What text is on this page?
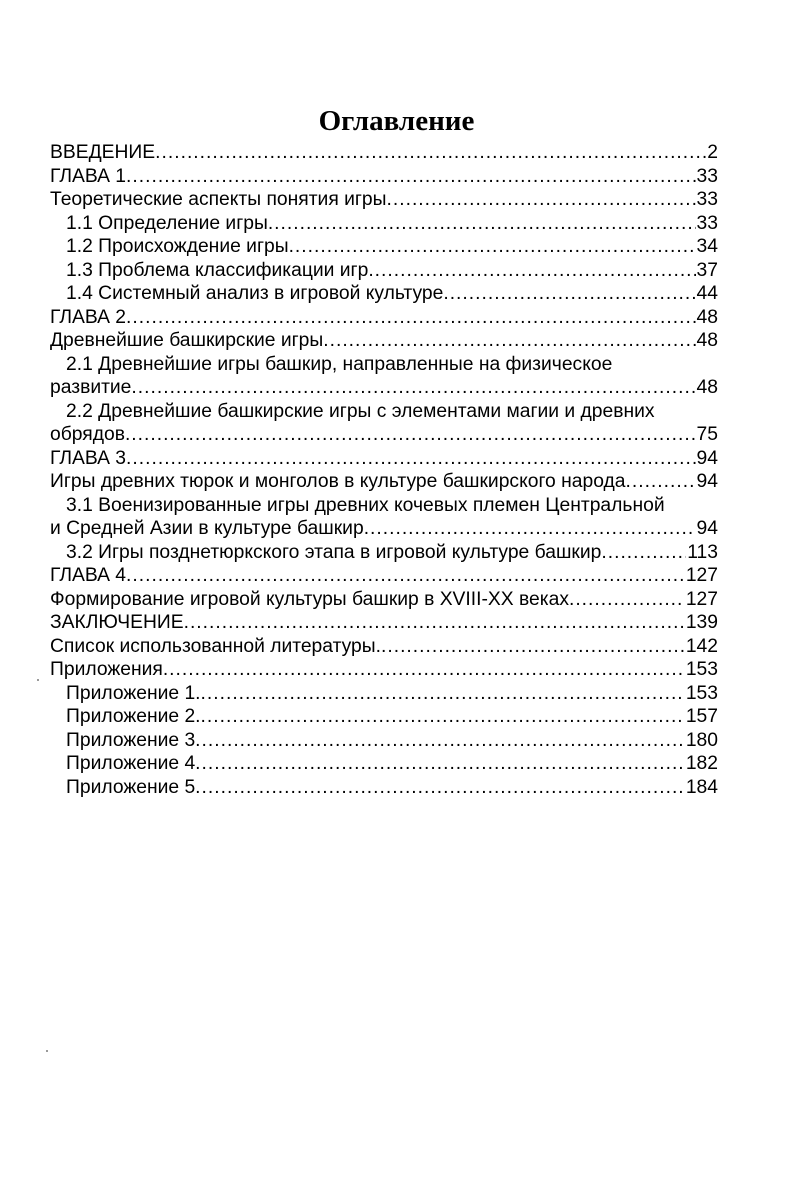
Оглавление
ВВЕДЕНИЕ .....	2
ГЛАВА 1 .....	33
Теоретические аспекты понятия игры .....	33
1.1 Определение игры .....	33
1.2 Происхождение игры .....	34
1.3 Проблема классификации игр .....	37
1.4 Системный анализ в игровой культуре .....	44
ГЛАВА 2 .....	48
Древнейшие башкирские игры .....	48
2.1 Древнейшие игры башкир, направленные на физическое
развитие .....	48
2.2 Древнейшие башкирские игры с элементами магии и древних
обрядов .....	75
ГЛАВА 3 .....	94
Игры древних тюрок и монголов в культуре башкирского народа .....	94
3.1 Военизированные игры древних кочевых племен Центральной
и Средней Азии в культуре башкир .....	94
3.2 Игры позднетюркского этапа в игровой культуре башкир .....	113
ГЛАВА 4 .....	127
Формирование игровой культуры башкир в XVIII-XX веках .....	127
ЗАКЛЮЧЕНИЕ .....	139
Список использованной литературы. .....	142
Приложения .....	153
Приложение 1. .....	153
Приложение 2. .....	157
Приложение 3 .....	180
Приложение 4 .....	182
Приложение 5 .....	184
